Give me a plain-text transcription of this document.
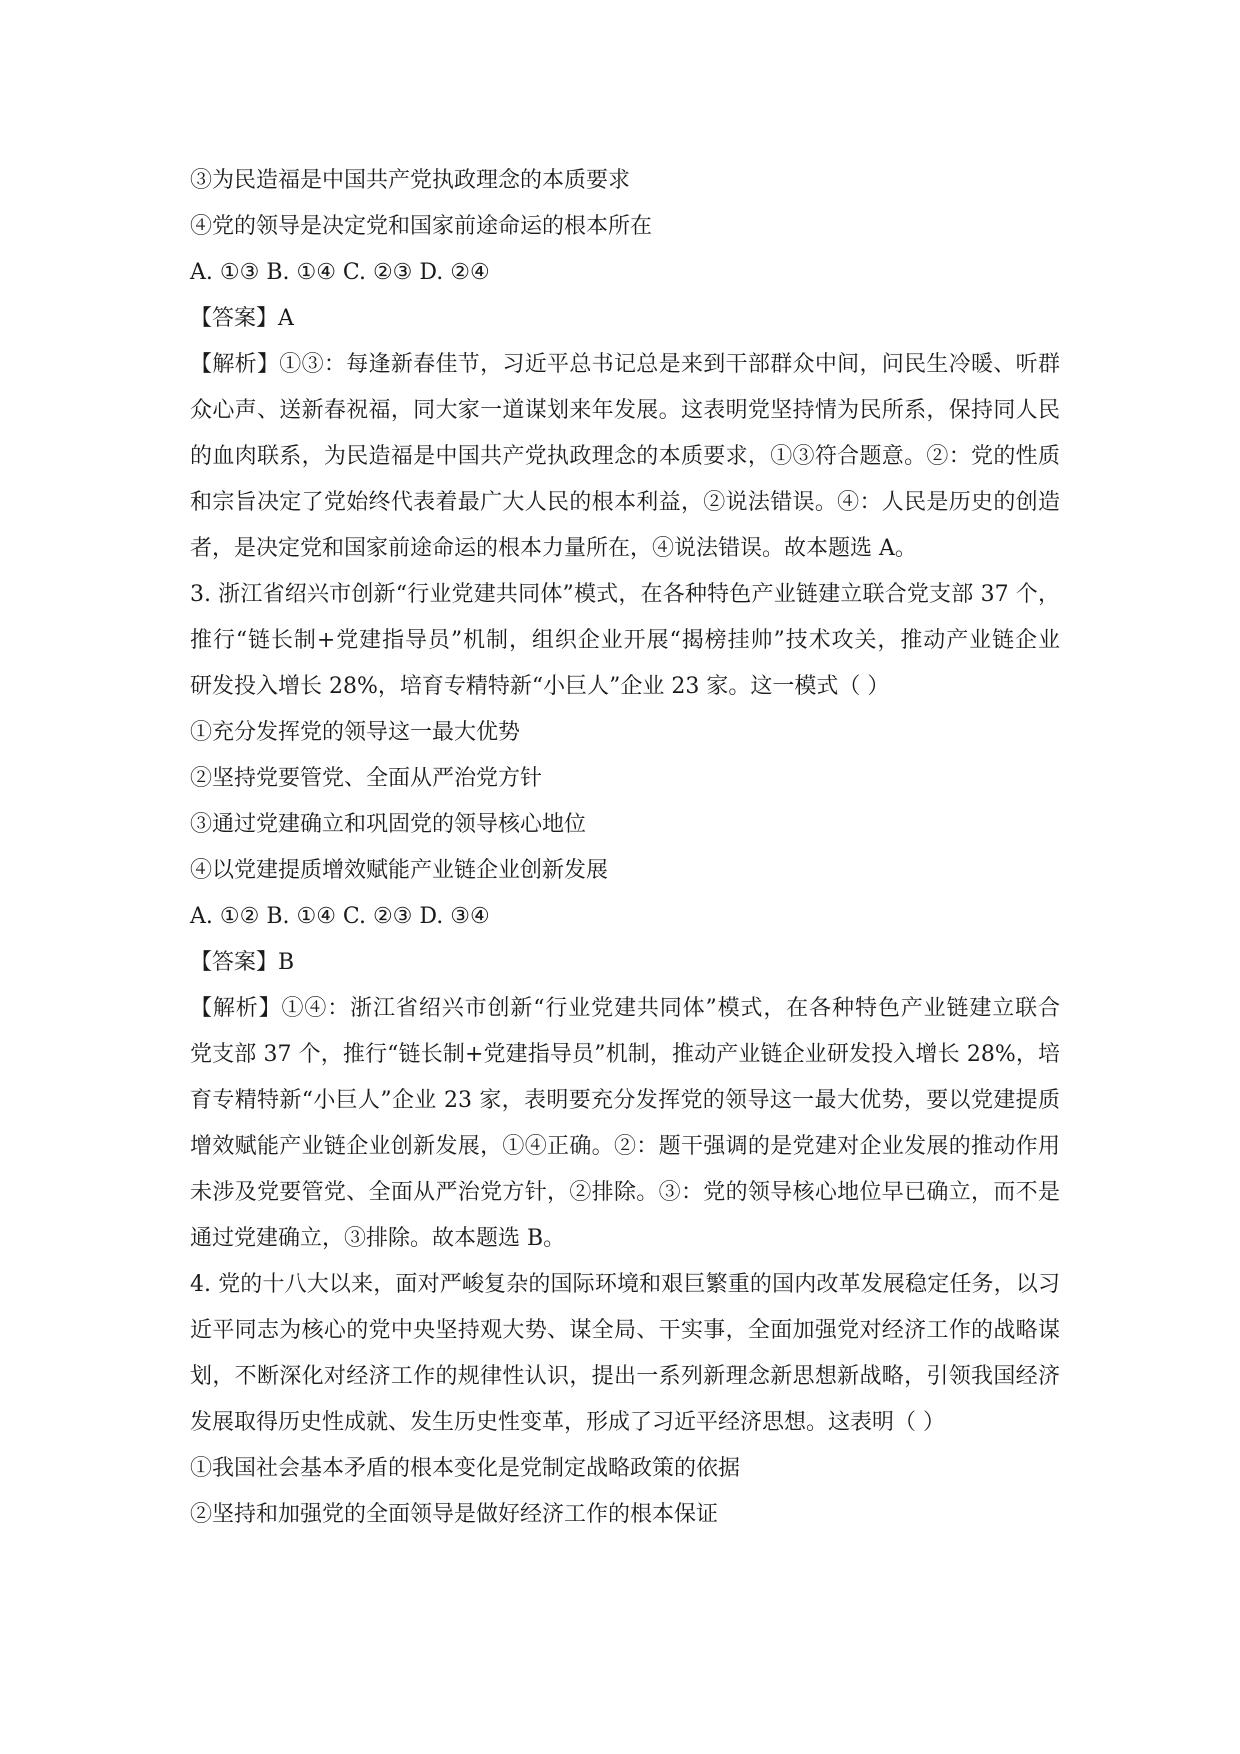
③为民造福是中国共产党执政理念的本质要求
④党的领导是决定党和国家前途命运的根本所在
A. ①③ B. ①④ C. ②③ D. ②④
【答案】A
【解析】①③：每逢新春佳节，习近平总书记总是来到干部群众中间，问民生冷暖、听群
众心声、送新春祝福，同大家一道谋划来年发展。这表明党坚持情为民所系，保持同人民
的血肉联系，为民造福是中国共产党执政理念的本质要求，①③符合题意。②：党的性质
和宗旨决定了党始终代表着最广大人民的根本利益，②说法错误。④：人民是历史的创造
者，是决定党和国家前途命运的根本力量所在，④说法错误。故本题选 A。
3. 浙江省绍兴市创新“行业党建共同体”模式，在各种特色产业链建立联合党支部 37 个，
推行“链长制+党建指导员”机制，组织企业开展“揭榜挂帅”技术攻关，推动产业链企业
研发投入增长 28%，培育专精特新“小巨人”企业 23 家。这一模式（ ）
①充分发挥党的领导这一最大优势
②坚持党要管党、全面从严治党方针
③通过党建确立和巩固党的领导核心地位
④以党建提质增效赋能产业链企业创新发展
A. ①② B. ①④ C. ②③ D. ③④
【答案】B
【解析】①④：浙江省绍兴市创新“行业党建共同体”模式，在各种特色产业链建立联合
党支部 37 个，推行“链长制+党建指导员”机制，推动产业链企业研发投入增长 28%，培
育专精特新“小巨人”企业 23 家，表明要充分发挥党的领导这一最大优势，要以党建提质
增效赋能产业链企业创新发展，①④正确。②：题干强调的是党建对企业发展的推动作用
未涉及党要管党、全面从严治党方针，②排除。③：党的领导核心地位早已确立，而不是
通过党建确立，③排除。故本题选 B。
4. 党的十八大以来，面对严峻复杂的国际环境和艰巨繁重的国内改革发展稳定任务，以习
近平同志为核心的党中央坚持观大势、谋全局、干实事，全面加强党对经济工作的战略谋
划，不断深化对经济工作的规律性认识，提出一系列新理念新思想新战略，引领我国经济
发展取得历史性成就、发生历史性变革，形成了习近平经济思想。这表明（ ）
①我国社会基本矛盾的根本变化是党制定战略政策的依据
②坚持和加强党的全面领导是做好经济工作的根本保证
